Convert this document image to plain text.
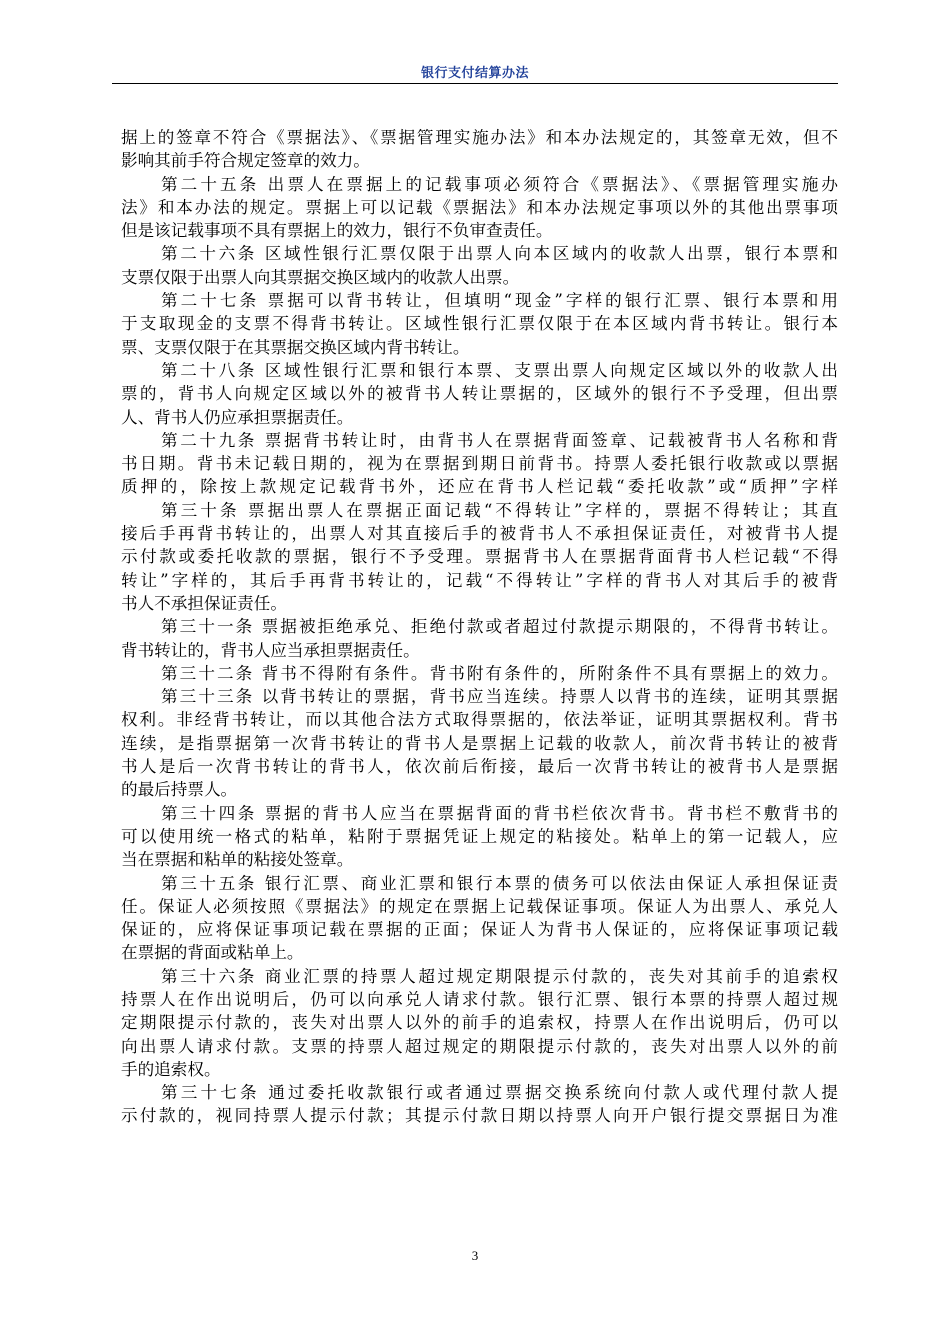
银行支付结算办法
据上的签章不符合《票据法》、《票据管理实施办法》和本办法规定的，其签章无效，但不
影响其前手符合规定签章的效力。
第二十五条 出票人在票据上的记载事项必须符合《票据法》、《票据管理实施办
法》和本办法的规定。票据上可以记载《票据法》和本办法规定事项以外的其他出票事项
但是该记载事项不具有票据上的效力，银行不负审查责任。
第二十六条 区域性银行汇票仅限于出票人向本区域内的收款人出票，银行本票和
支票仅限于出票人向其票据交换区域内的收款人出票。
第二十七条 票据可以背书转让，但填明“现金”字样的银行汇票、银行本票和用
于支取现金的支票不得背书转让。区域性银行汇票仅限于在本区域内背书转让。银行本
票、支票仅限于在其票据交换区域内背书转让。
第二十八条 区域性银行汇票和银行本票、支票出票人向规定区域以外的收款人出
票的，背书人向规定区域以外的被背书人转让票据的，区域外的银行不予受理，但出票
人、背书人仍应承担票据责任。
第二十九条 票据背书转让时，由背书人在票据背面签章、记载被背书人名称和背
书日期。背书未记载日期的，视为在票据到期日前背书。持票人委托银行收款或以票据
质押的，除按上款规定记载背书外，还应在背书人栏记载“委托收款”或“质押”字样
第三十条 票据出票人在票据正面记载“不得转让”字样的，票据不得转让；其直
接后手再背书转让的，出票人对其直接后手的被背书人不承担保证责任，对被背书人提
示付款或委托收款的票据，银行不予受理。票据背书人在票据背面背书人栏记载“不得
转让”字样的，其后手再背书转让的，记载“不得转让”字样的背书人对其后手的被背
书人不承担保证责任。
第三十一条 票据被拒绝承兑、拒绝付款或者超过付款提示期限的，不得背书转让。
背书转让的，背书人应当承担票据责任。
第三十二条 背书不得附有条件。背书附有条件的，所附条件不具有票据上的效力。
第三十三条 以背书转让的票据，背书应当连续。持票人以背书的连续，证明其票据
权利。非经背书转让，而以其他合法方式取得票据的，依法举证，证明其票据权利。背书
连续，是指票据第一次背书转让的背书人是票据上记载的收款人，前次背书转让的被背
书人是后一次背书转让的背书人，依次前后衔接，最后一次背书转让的被背书人是票据
的最后持票人。
第三十四条 票据的背书人应当在票据背面的背书栏依次背书。背书栏不敷背书的
可以使用统一格式的粘单，粘附于票据凭证上规定的粘接处。粘单上的第一记载人，应
当在票据和粘单的粘接处签章。
第三十五条 银行汇票、商业汇票和银行本票的债务可以依法由保证人承担保证责
任。保证人必须按照《票据法》的规定在票据上记载保证事项。保证人为出票人、承兑人
保证的，应将保证事项记载在票据的正面；保证人为背书人保证的，应将保证事项记载
在票据的背面或粘单上。
第三十六条 商业汇票的持票人超过规定期限提示付款的，丧失对其前手的追索权
持票人在作出说明后，仍可以向承兑人请求付款。银行汇票、银行本票的持票人超过规
定期限提示付款的，丧失对出票人以外的前手的追索权，持票人在作出说明后，仍可以
向出票人请求付款。支票的持票人超过规定的期限提示付款的，丧失对出票人以外的前
手的追索权。
第三十七条 通过委托收款银行或者通过票据交换系统向付款人或代理付款人提
示付款的，视同持票人提示付款；其提示付款日期以持票人向开户银行提交票据日为准
3
